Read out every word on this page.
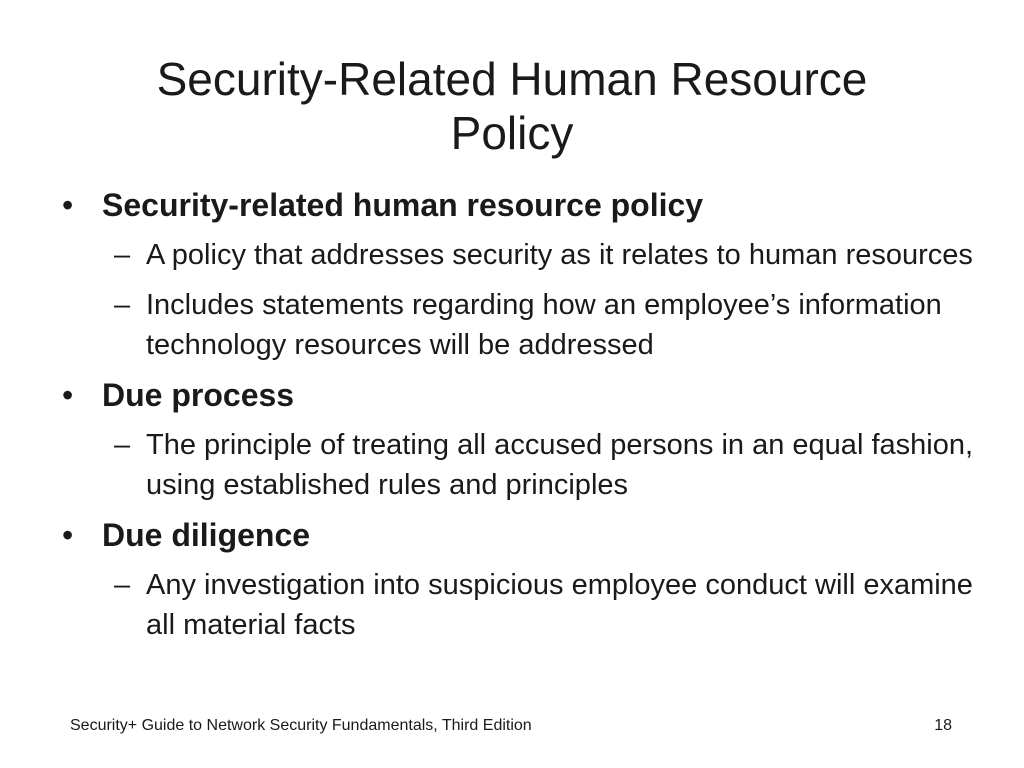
Security-Related Human Resource
Policy
• Security-related human resource policy
– A policy that addresses security as it relates to human resources
– Includes statements regarding how an employee’s information technology resources will be addressed
• Due process
– The principle of treating all accused persons in an equal fashion, using established rules and principles
• Due diligence
– Any investigation into suspicious employee conduct will examine all material facts
Security+ Guide to Network Security Fundamentals, Third Edition	18
